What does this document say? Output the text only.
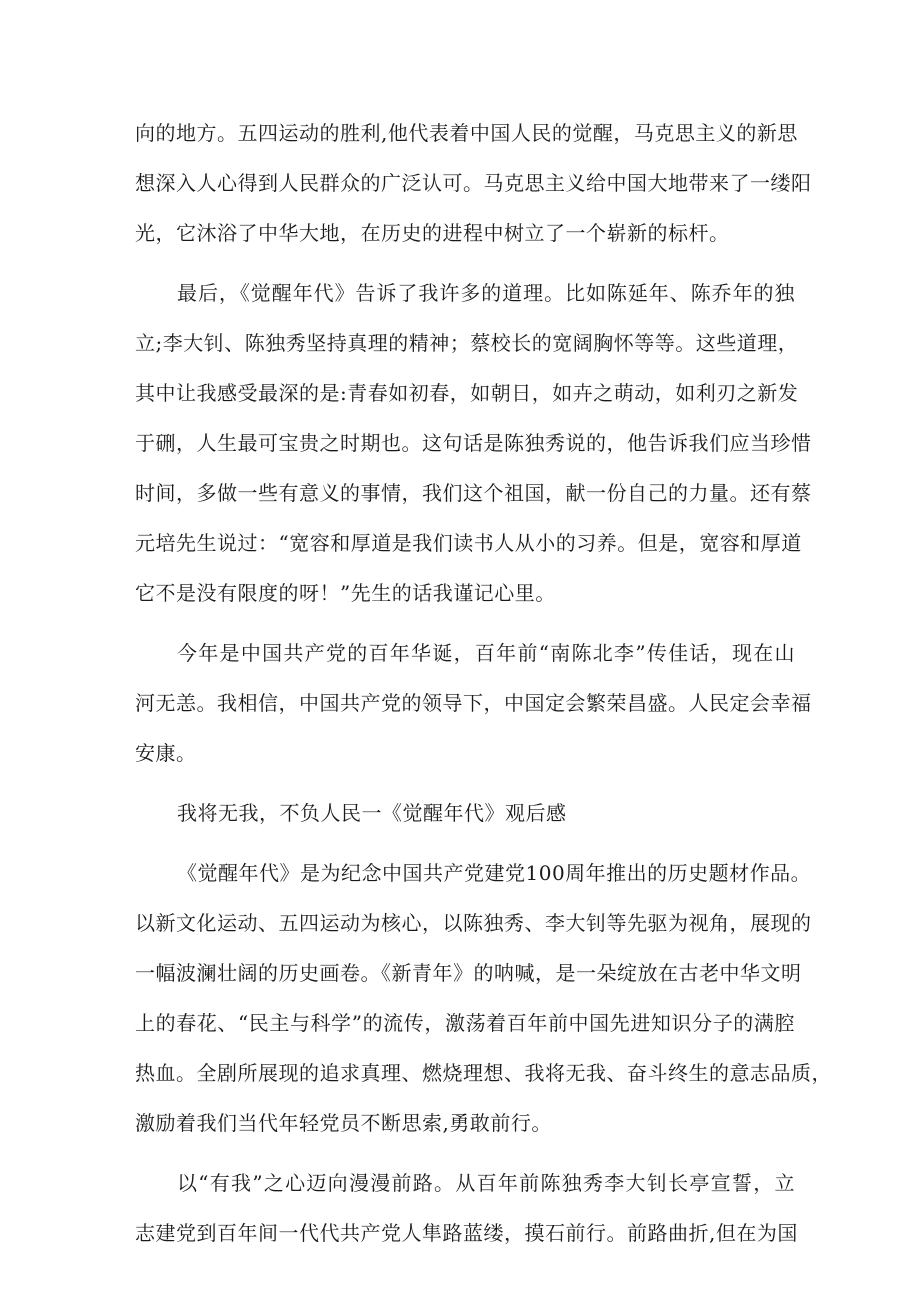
向的地方。五四运动的胜利,他代表着中国人民的觉醒，马克思主义的新思
想深入人心得到人民群众的广泛认可。马克思主义给中国大地带来了一缕阳
光，它沐浴了中华大地，在历史的进程中树立了一个崭新的标杆。
最后，《觉醒年代》告诉了我许多的道理。比如陈延年、陈乔年的独
立;李大钊、陈独秀坚持真理的精神；蔡校长的宽阔胸怀等等。这些道理，
其中让我感受最深的是:青春如初春，如朝日，如卉之萌动，如利刃之新发
于硎，人生最可宝贵之时期也。这句话是陈独秀说的，他告诉我们应当珍惜
时间，多做一些有意义的事情，我们这个祖国，献一份自己的力量。还有蔡
元培先生说过：“宽容和厚道是我们读书人从小的习养。但是，宽容和厚道
它不是没有限度的呀！”先生的话我谨记心里。
今年是中国共产党的百年华诞，百年前“南陈北李”传佳话，现在山
河无恙。我相信，中国共产党的领导下，中国定会繁荣昌盛。人民定会幸福
安康。
我将无我，不负人民一《觉醒年代》观后感
《觉醒年代》是为纪念中国共产党建党100周年推出的历史题材作品。
以新文化运动、五四运动为核心，以陈独秀、李大钊等先驱为视角，展现的
一幅波澜壮阔的历史画卷。《新青年》的呐喊，是一朵绽放在古老中华文明
上的春花、“民主与科学”的流传，激荡着百年前中国先进知识分子的满腔
热血。全剧所展现的追求真理、燃烧理想、我将无我、奋斗终生的意志品质，
激励着我们当代年轻党员不断思索,勇敢前行。
以“有我”之心迈向漫漫前路。从百年前陈独秀李大钊长亭宣誓，立
志建党到百年间一代代共产党人隼路蓝缕，摸石前行。前路曲折,但在为国
